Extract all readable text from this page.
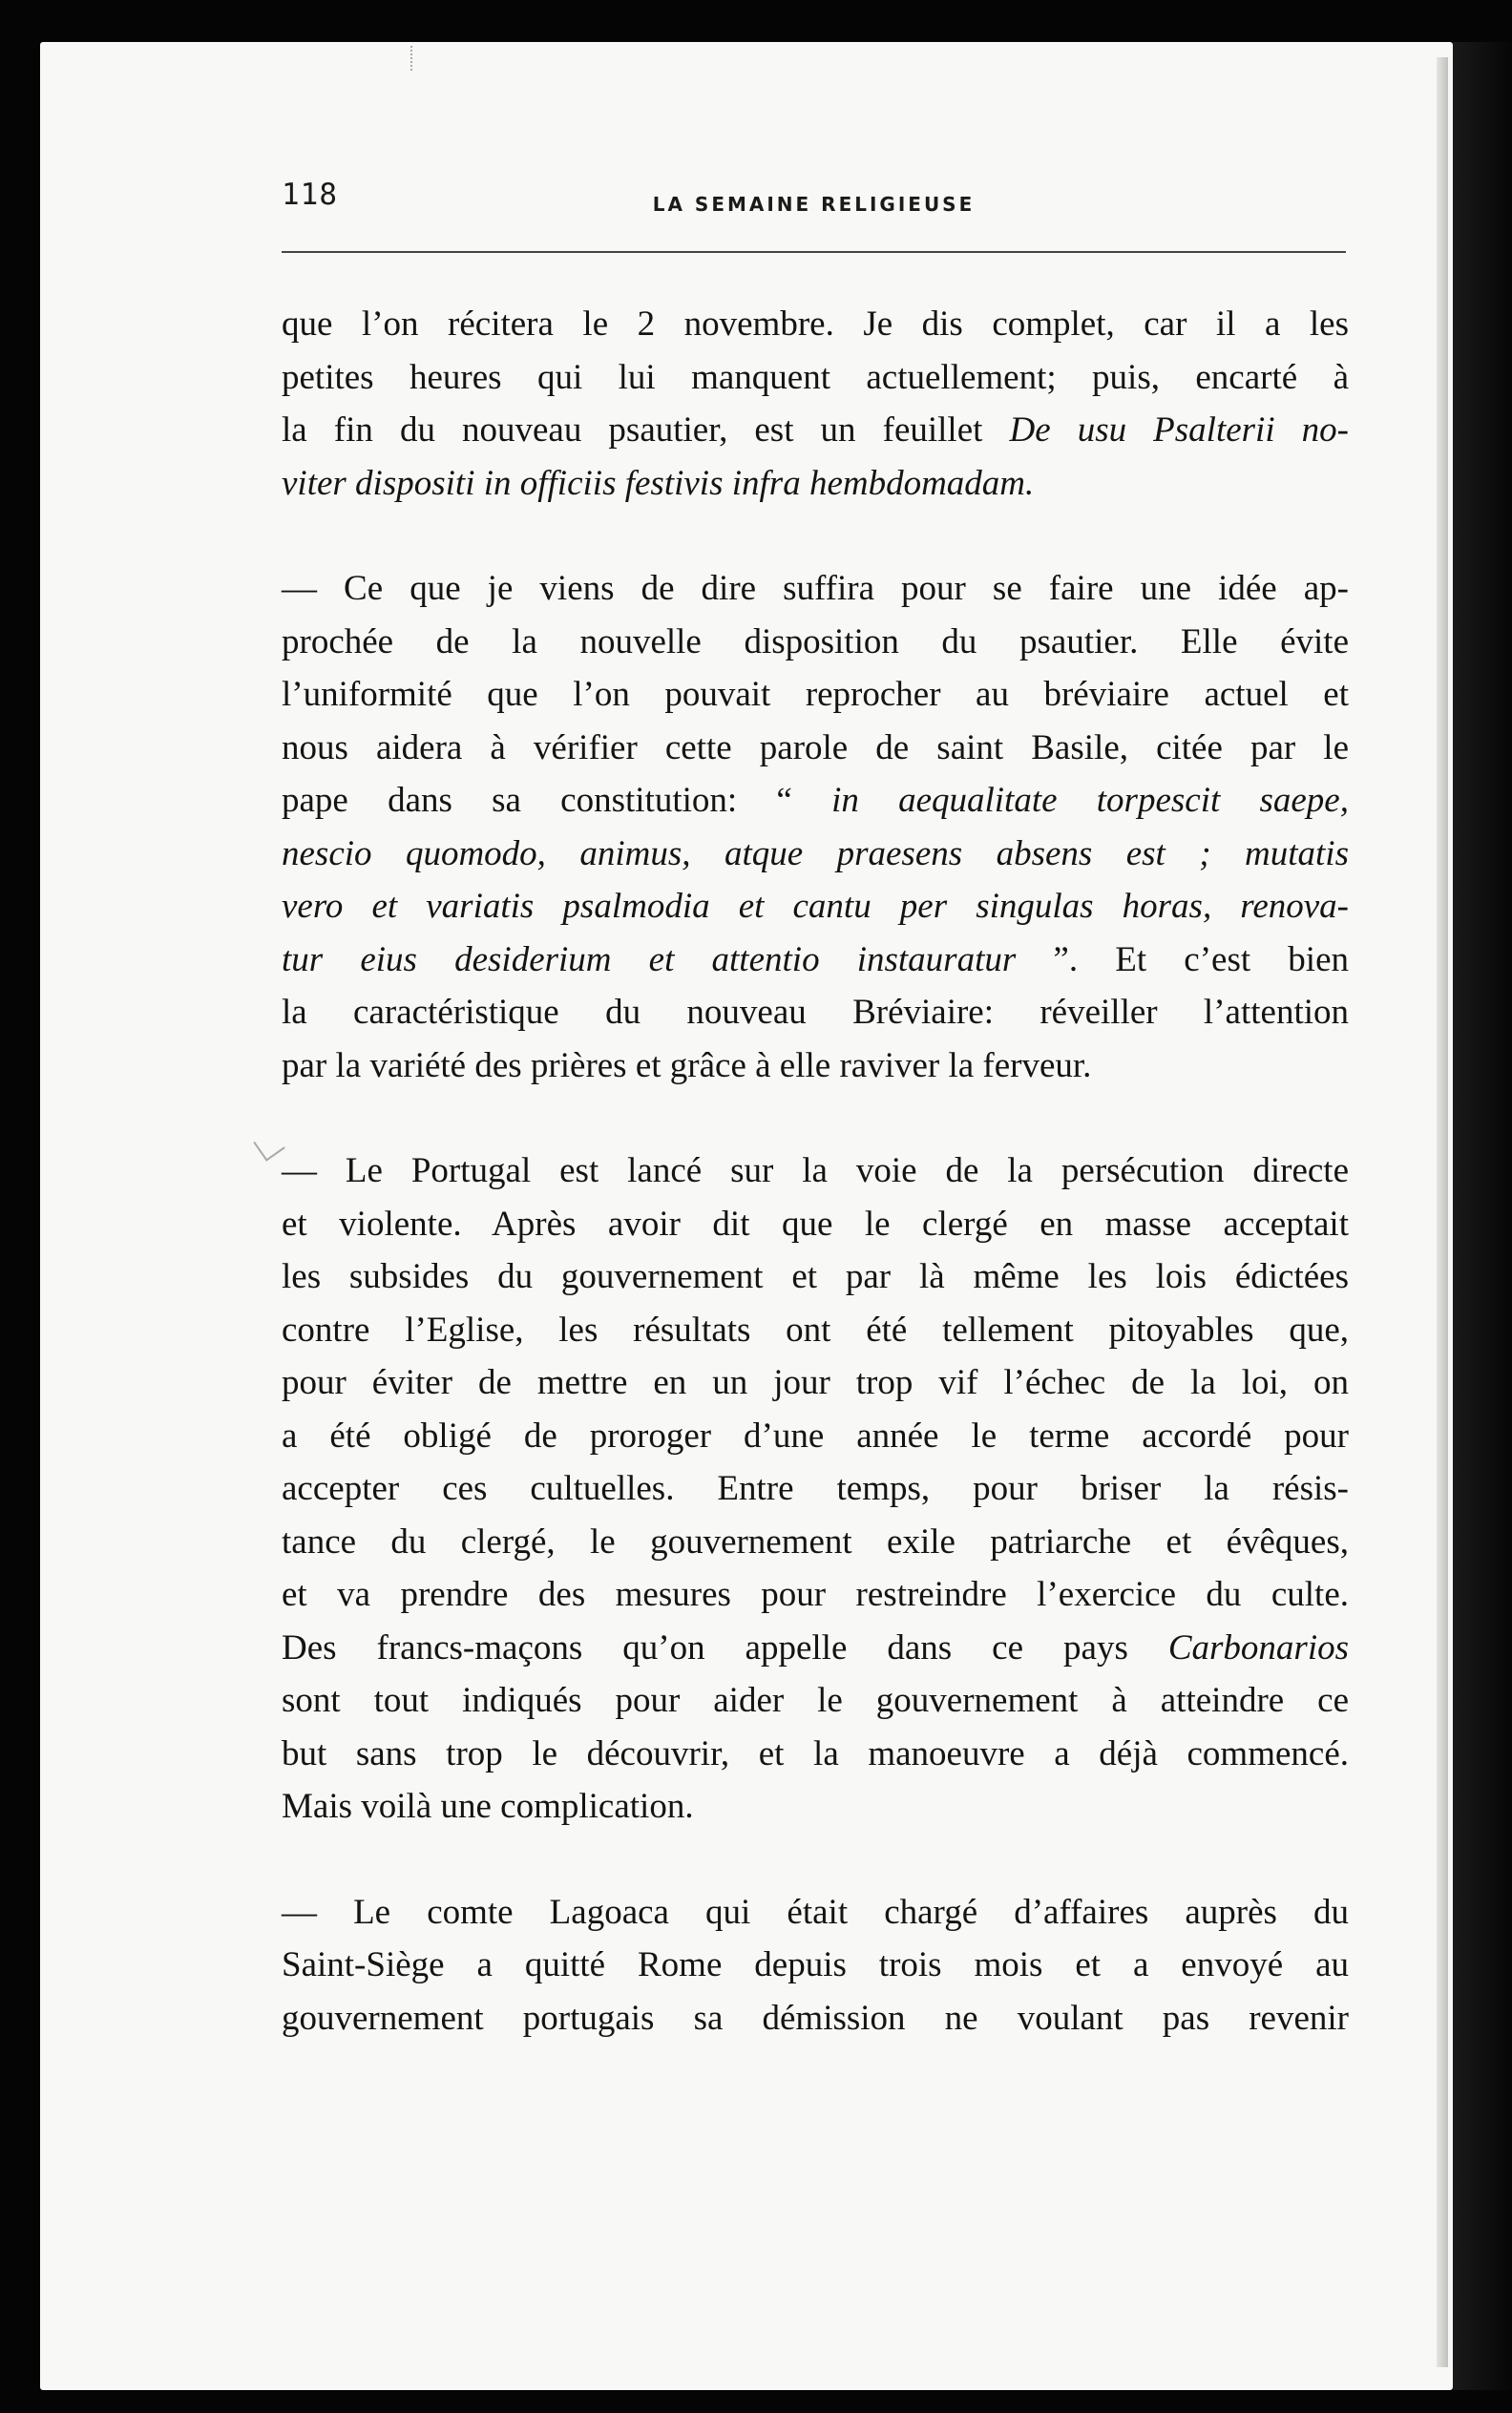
118	LA SEMAINE RELIGIEUSE
que l’on récitera le 2 novembre. Je dis complet, car il a les
petites heures qui lui manquent actuellement; puis, encarté à
la fin du nouveau psautier, est un feuillet De usu Psalterii no-
viter dispositi in officiis festivis infra hembdomadam.
— Ce que je viens de dire suffira pour se faire une idée ap-
prochée de la nouvelle disposition du psautier. Elle évite
l’uniformité que l’on pouvait reprocher au bréviaire actuel et
nous aidera à vérifier cette parole de saint Basile, citée par le
pape dans sa constitution: “ in aequalitate torpescit saepe,
nescio quomodo, animus, atque praesens absens est ; mutatis
vero et variatis psalmodia et cantu per singulas horas, renova-
tur eius desiderium et attentio instauratur ”. Et c’est bien
la caractéristique du nouveau Bréviaire: réveiller l’attention
par la variété des prières et grâce à elle raviver la ferveur.
— Le Portugal est lancé sur la voie de la persécution directe
et violente. Après avoir dit que le clergé en masse acceptait
les subsides du gouvernement et par là même les lois édictées
contre l’Eglise, les résultats ont été tellement pitoyables que,
pour éviter de mettre en un jour trop vif l’échec de la loi, on
a été obligé de proroger d’une année le terme accordé pour
accepter ces cultuelles. Entre temps, pour briser la résis-
tance du clergé, le gouvernement exile patriarche et évêques,
et va prendre des mesures pour restreindre l’exercice du culte.
Des francs-maçons qu’on appelle dans ce pays Carbonarios
sont tout indiqués pour aider le gouvernement à atteindre ce
but sans trop le découvrir, et la manoeuvre a déjà commencé.
Mais voilà une complication.
— Le comte Lagoaca qui était chargé d’affaires auprès du
Saint-Siège a quitté Rome depuis trois mois et a envoyé au
gouvernement portugais sa démission ne voulant pas revenir
